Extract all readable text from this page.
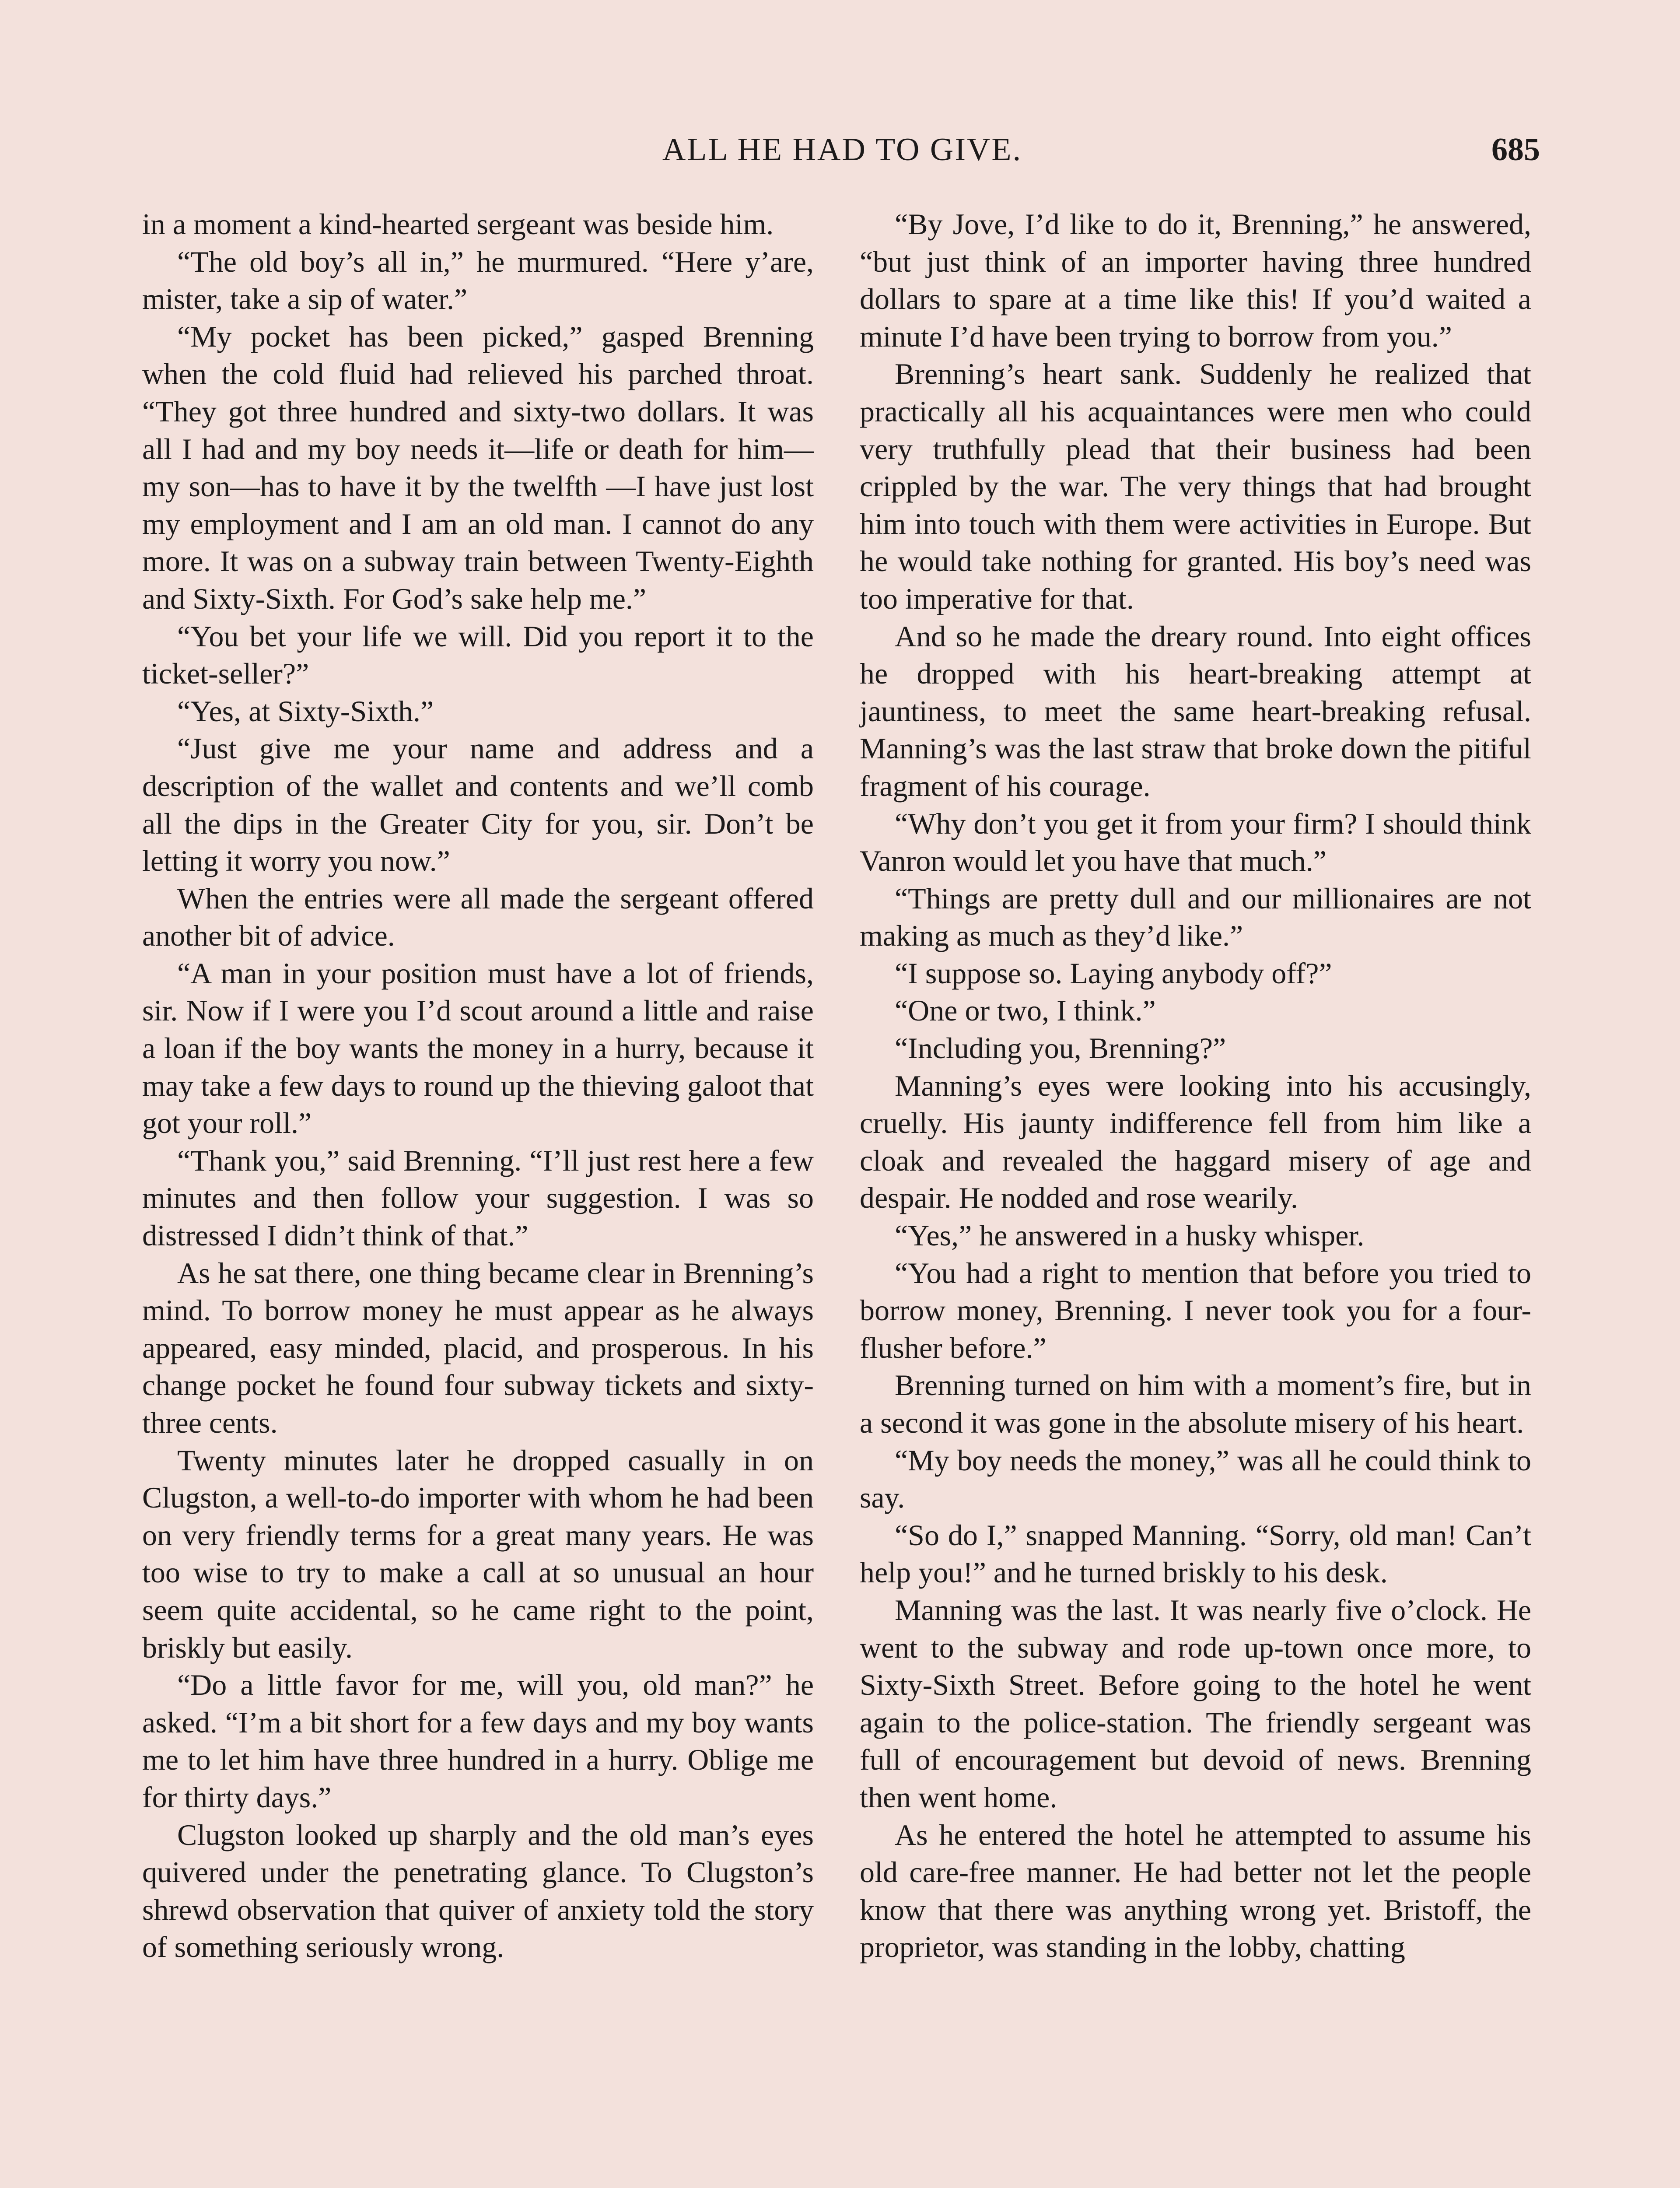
ALL HE HAD TO GIVE.	685

in a moment a kind-hearted sergeant was beside him.

“The old boy’s all in,” he murmured. “Here y’are, mister, take a sip of water.”

“My pocket has been picked,” gasped Brenning when the cold fluid had relieved his parched throat. “They got three hundred and sixty-two dollars. It was all I had and my boy needs it—life or death for him—my son—has to have it by the twelfth —I have just lost my employment and I am an old man. I cannot do any more. It was on a subway train between Twenty-Eighth and Sixty-Sixth. For God’s sake help me.”

“You bet your life we will. Did you report it to the ticket-seller?”

“Yes, at Sixty-Sixth.”

“Just give me your name and address and a description of the wallet and contents and we’ll comb all the dips in the Greater City for you, sir. Don’t be letting it worry you now.”

When the entries were all made the sergeant offered another bit of advice.

“A man in your position must have a lot of friends, sir. Now if I were you I’d scout around a little and raise a loan if the boy wants the money in a hurry, because it may take a few days to round up the thieving galoot that got your roll.”

“Thank you,” said Brenning. “I’ll just rest here a few minutes and then follow your suggestion. I was so distressed I didn’t think of that.”

As he sat there, one thing became clear in Brenning’s mind. To borrow money he must appear as he always appeared, easy minded, placid, and prosperous. In his change pocket he found four subway tickets and sixty-three cents.

Twenty minutes later he dropped casually in on Clugston, a well-to-do importer with whom he had been on very friendly terms for a great many years. He was too wise to try to make a call at so unusual an hour seem quite accidental, so he came right to the point, briskly but easily.

“Do a little favor for me, will you, old man?” he asked. “I’m a bit short for a few days and my boy wants me to let him have three hundred in a hurry. Oblige me for thirty days.”

Clugston looked up sharply and the old man’s eyes quivered under the penetrating glance. To Clugston’s shrewd observation that quiver of anxiety told the story of something seriously wrong.

“By Jove, I’d like to do it, Brenning,” he answered, “but just think of an importer having three hundred dollars to spare at a time like this! If you’d waited a minute I’d have been trying to borrow from you.”

Brenning’s heart sank. Suddenly he realized that practically all his acquaintances were men who could very truthfully plead that their business had been crippled by the war. The very things that had brought him into touch with them were activities in Europe. But he would take nothing for granted. His boy’s need was too imperative for that.

And so he made the dreary round. Into eight offices he dropped with his heart-breaking attempt at jauntiness, to meet the same heart-breaking refusal. Manning’s was the last straw that broke down the pitiful fragment of his courage.

“Why don’t you get it from your firm? I should think Vanron would let you have that much.”

“Things are pretty dull and our millionaires are not making as much as they’d like.”

“I suppose so. Laying anybody off?”

“One or two, I think.”

“Including you, Brenning?”

Manning’s eyes were looking into his accusingly, cruelly. His jaunty indifference fell from him like a cloak and revealed the haggard misery of age and despair. He nodded and rose wearily.

“Yes,” he answered in a husky whisper.

“You had a right to mention that before you tried to borrow money, Brenning. I never took you for a four-flusher before.”

Brenning turned on him with a moment’s fire, but in a second it was gone in the absolute misery of his heart.

“My boy needs the money,” was all he could think to say.

“So do I,” snapped Manning. “Sorry, old man! Can’t help you!” and he turned briskly to his desk.

Manning was the last. It was nearly five o’clock. He went to the subway and rode up-town once more, to Sixty-Sixth Street. Before going to the hotel he went again to the police-station. The friendly sergeant was full of encouragement but devoid of news. Brenning then went home.

As he entered the hotel he attempted to assume his old care-free manner. He had better not let the people know that there was anything wrong yet. Bristoff, the proprietor, was standing in the lobby, chatting
